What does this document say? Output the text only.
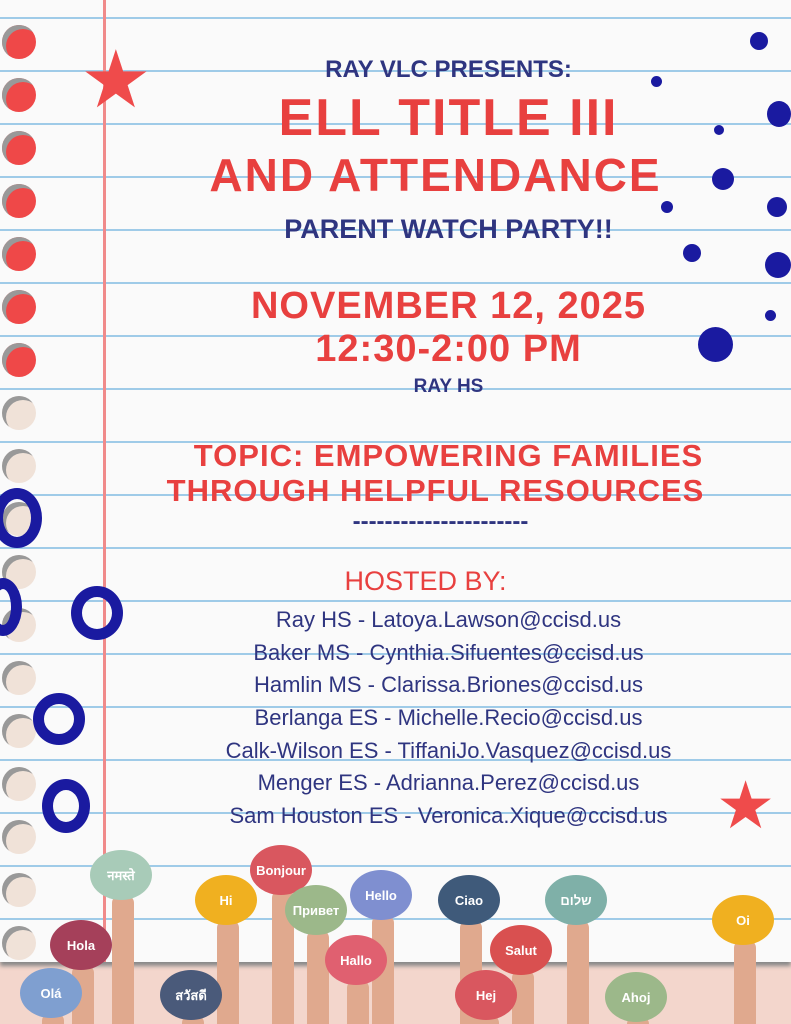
★
★
RAY VLC PRESENTS:
ELL TITLE III
AND ATTENDANCE
PARENT WATCH PARTY!!
NOVEMBER 12, 2025
12:30-2:00 PM
RAY HS
TOPIC: EMPOWERING FAMILIES
THROUGH HELPFUL RESOURCES
----------------------
HOSTED BY:
Ray HS - Latoya.Lawson@ccisd.us
Baker MS - Cynthia.Sifuentes@ccisd.us
Hamlin MS - Clarissa.Briones@ccisd.us
Berlanga ES - Michelle.Recio@ccisd.us
Calk-Wilson ES - TiffaniJo.Vasquez@ccisd.us
Menger ES - Adrianna.Perez@ccisd.us
Sam Houston ES - Veronica.Xique@ccisd.us
नमस्ते
Hola
Hi
Bonjour
Привет
Hello	Ciao	שלום
Oi
Hallo
Salut
Olá	สวัสดี	Hej	Ahoj
